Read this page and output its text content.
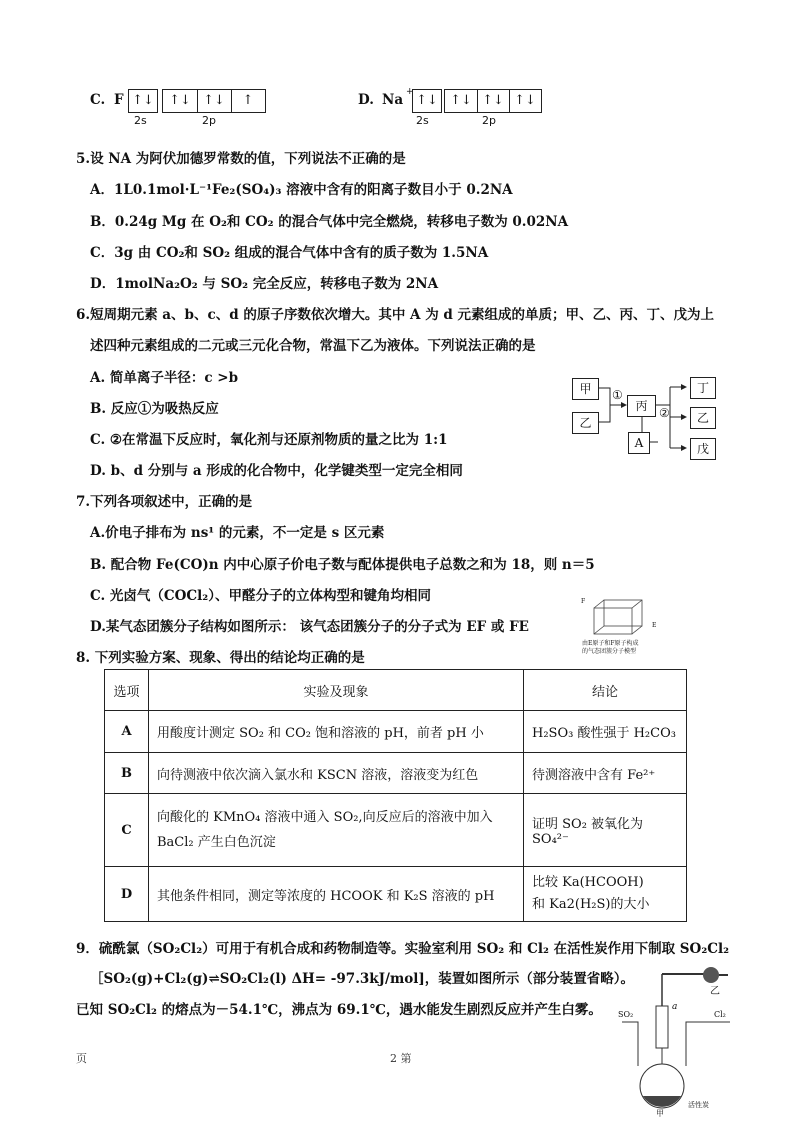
C. F ↑↓	↑↓ ↑↓	↑
2s	2p
D. Na +
↑↓ ↑↓ ↑↓ ↑↓
2s	2p
5.设 NA 为阿伏加德罗常数的值，下列说法不正确的是
A．1L0.1mol·L⁻¹Fe₂(SO₄)₃ 溶液中含有的阳离子数目小于 0.2NA
B．0.24g Mg 在 O₂和 CO₂ 的混合气体中完全燃烧，转移电子数为 0.02NA
C．3g 由 CO₂和 SO₂ 组成的混合气体中含有的质子数为 1.5NA
D．1molNa₂O₂ 与 SO₂ 完全反应，转移电子数为 2NA
6.短周期元素 a、b、c、d 的原子序数依次增大。其中 A 为 d 元素组成的单质；甲、乙、丙、丁、戊为上
述四种元素组成的二元或三元化合物，常温下乙为液体。下列说法正确的是
A. 简单离子半径：c >b
B. 反应①为吸热反应
C. ②在常温下反应时，氧化剂与还原剂物质的量之比为 1:1
D. b、d 分别与 a 形成的化合物中，化学键类型一定完全相同
甲
乙
①
丙
A
②
丁
乙
戊
7.下列各项叙述中，正确的是
A.价电子排布为 ns¹ 的元素，不一定是 s 区元素
B. 配合物 Fe(CO)n 内中心原子价电子数与配体提供电子总数之和为 18，则 n＝5
C. 光卤气（COCl₂）、甲醛分子的立体构型和键角均相同
D.某气态团簇分子结构如图所示： 该气态团簇分子的分子式为 EF 或 FE
F
E
由E原子和F原子构成
的气态团簇分子模型
8. 下列实验方案、现象、得出的结论均正确的是
选项	实验及现象	结论
A	用酸度计测定 SO₂ 和 CO₂ 饱和溶液的 pH，前者 pH 小	H₂SO₃ 酸性强于 H₂CO₃
B	向待测液中依次滴入氯水和 KSCN 溶液，溶液变为红色	待测溶液中含有 Fe²⁺
C	向酸化的 KMnO₄ 溶液中通入 SO₂,向反应后的溶液中加入
BaCl₂ 产生白色沉淀	证明 SO₂ 被氧化为 SO₄²⁻
D	其他条件相同，测定等浓度的 HCOOK 和 K₂S 溶液的 pH	比较 Ka(HCOOH)
和 Ka2(H₂S)的大小
9．硫酰氯（SO₂Cl₂）可用于有机合成和药物制造等。实验室利用 SO₂ 和 Cl₂ 在活性炭作用下制取 SO₂Cl₂
［SO₂(g)+Cl₂(g)⇌SO₂Cl₂(l) ΔH= -97.3kJ/mol]，装置如图所示（部分装置省略）。
已知 SO₂Cl₂ 的熔点为－54.1℃，沸点为 69.1℃，遇水能发生剧烈反应并产生白雾。
乙
a
SO₂	Cl₂
活性炭
甲
页	2 第
